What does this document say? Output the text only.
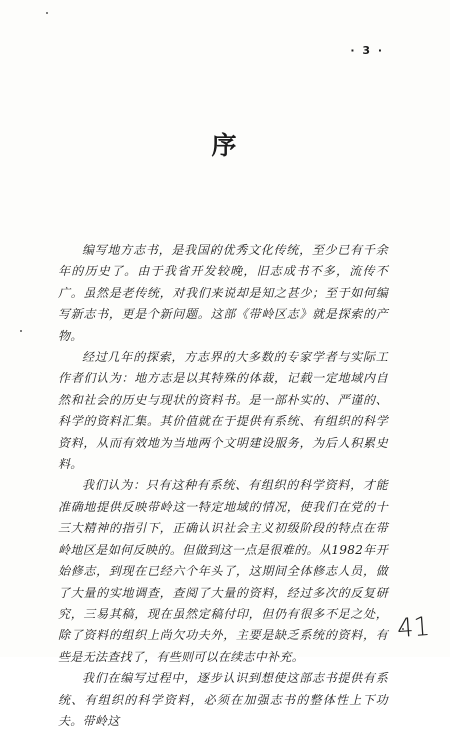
· 3 ·
序

编写地方志书，是我国的优秀文化传统，至少已有千余年的历史了。由于我省开发较晚，旧志成书不多，流传不广。虽然是老传统，对我们来说却是知之甚少；至于如何编写新志书，更是个新问题。这部《带岭区志》就是探索的产物。

经过几年的探索，方志界的大多数的专家学者与实际工作者们认为：地方志是以其特殊的体裁，记载一定地域内自然和社会的历史与现状的资料书。是一部朴实的、严谨的、科学的资料汇集。其价值就在于提供有系统、有组织的科学资料，从而有效地为当地两个文明建设服务，为后人积累史料。

我们认为：只有这种有系统、有组织的科学资料，才能准确地提供反映带岭这一特定地域的情况，使我们在党的十三大精神的指引下，正确认识社会主义初级阶段的特点在带岭地区是如何反映的。但做到这一点是很难的。从1982年开始修志，到现在已经六个年头了，这期间全体修志人员，做了大量的实地调查，查阅了大量的资料，经过多次的反复研究，三易其稿，现在虽然定稿付印，但仍有很多不足之处，除了资料的组织上尚欠功夫外，主要是缺乏系统的资料，有些是无法查找了，有些则可以在续志中补充。

我们在编写过程中，逐步认识到想使这部志书提供有系统、有组织的科学资料，必须在加强志书的整体性上下功夫。带岭这

41
